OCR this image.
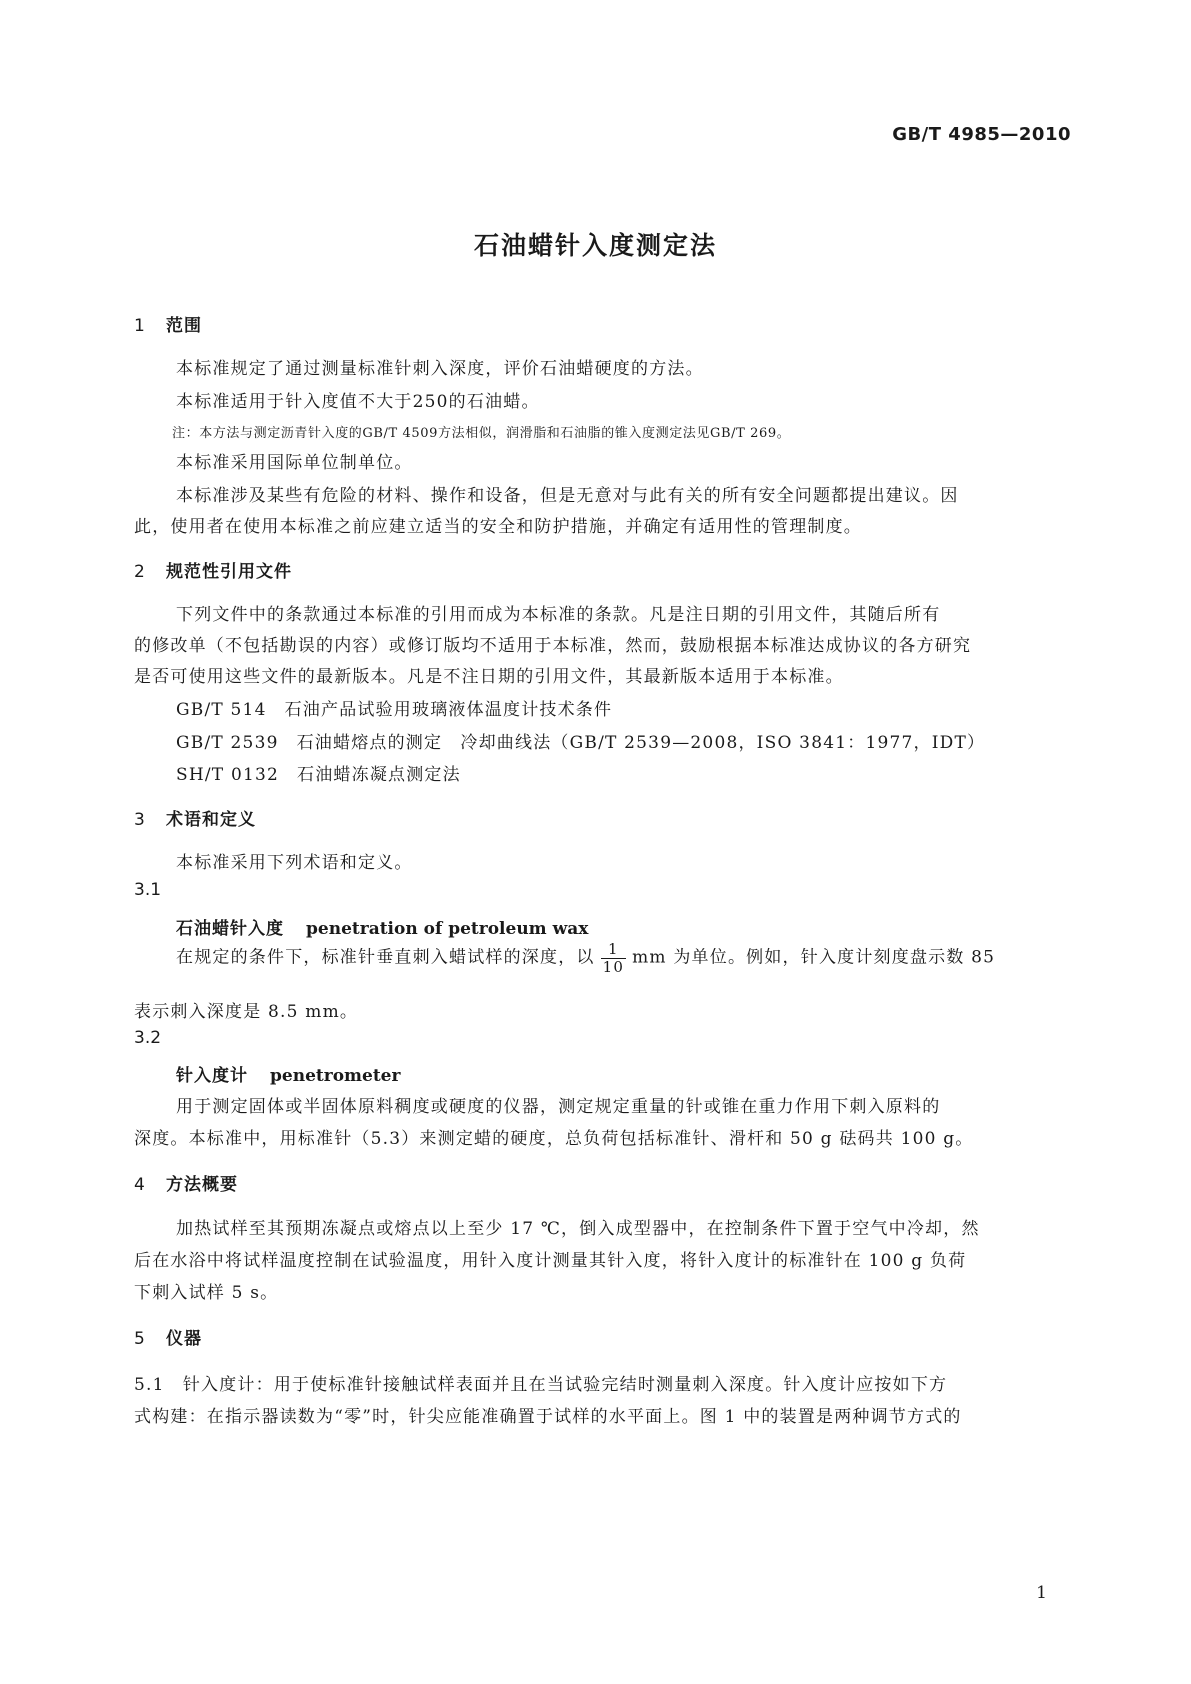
GB/T 4985—2010
石油蜡针入度测定法
1 范围
本标准规定了通过测量标准针刺入深度，评价石油蜡硬度的方法。
本标准适用于针入度值不大于250的石油蜡。
注：本方法与测定沥青针入度的GB/T 4509方法相似，润滑脂和石油脂的锥入度测定法见GB/T 269。
本标准采用国际单位制单位。
本标准涉及某些有危险的材料、操作和设备，但是无意对与此有关的所有安全问题都提出建议。因
此，使用者在使用本标准之前应建立适当的安全和防护措施，并确定有适用性的管理制度。
2 规范性引用文件
下列文件中的条款通过本标准的引用而成为本标准的条款。凡是注日期的引用文件，其随后所有
的修改单（不包括勘误的内容）或修订版均不适用于本标准，然而，鼓励根据本标准达成协议的各方研究
是否可使用这些文件的最新版本。凡是不注日期的引用文件，其最新版本适用于本标准。
GB/T 514 石油产品试验用玻璃液体温度计技术条件
GB/T 2539 石油蜡熔点的测定　冷却曲线法（GB/T 2539—2008，ISO 3841：1977，IDT）
SH/T 0132 石油蜡冻凝点测定法
3 术语和定义
本标准采用下列术语和定义。
3.1
石油蜡针入度 penetration of petroleum wax
在规定的条件下，标准针垂直刺入蜡试样的深度，以 $\frac{1}{10}$ mm 为单位。例如，针入度计刻度盘示数 85
表示刺入深度是 8.5 mm。
3.2
针入度计 penetrometer
用于测定固体或半固体原料稠度或硬度的仪器，测定规定重量的针或锥在重力作用下刺入原料的
深度。本标准中，用标准针（5.3）来测定蜡的硬度，总负荷包括标准针、滑杆和 50 g 砝码共 100 g。
4 方法概要
加热试样至其预期冻凝点或熔点以上至少 17 ℃，倒入成型器中，在控制条件下置于空气中冷却，然
后在水浴中将试样温度控制在试验温度，用针入度计测量其针入度，将针入度计的标准针在 100 g 负荷
下刺入试样 5 s。
5 仪器
5.1　针入度计：用于使标准针接触试样表面并且在当试验完结时测量刺入深度。针入度计应按如下方
式构建：在指示器读数为“零”时，针尖应能准确置于试样的水平面上。图 1 中的装置是两种调节方式的
1
